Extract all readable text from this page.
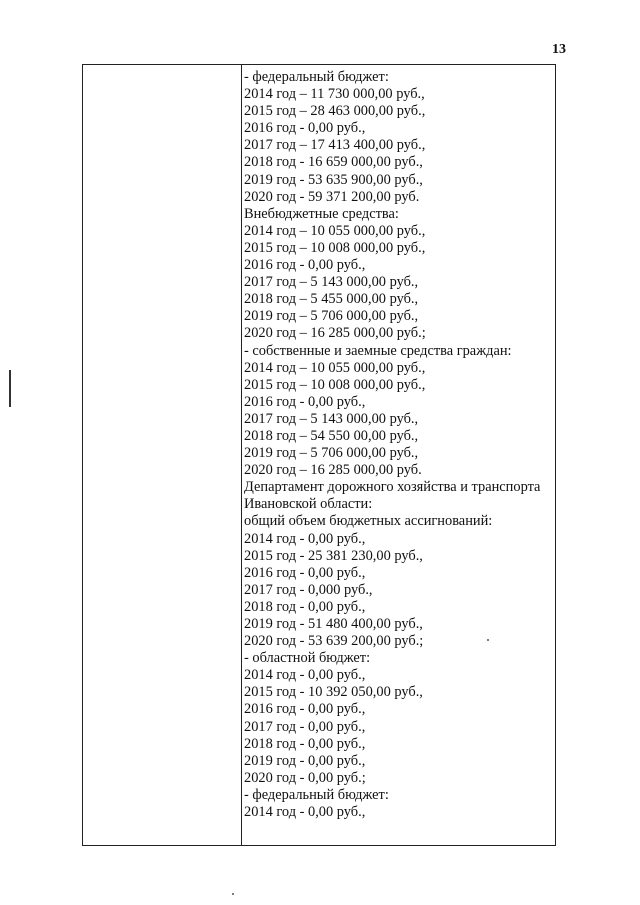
13
- федеральный бюджет:
2014 год – 11 730 000,00 руб.,
2015 год – 28 463 000,00 руб.,
2016 год - 0,00 руб.,
2017 год – 17 413 400,00 руб.,
2018 год - 16 659 000,00 руб.,
2019 год - 53 635 900,00 руб.,
2020 год - 59 371 200,00 руб.
Внебюджетные средства:
2014 год – 10 055 000,00 руб.,
2015 год – 10 008 000,00 руб.,
2016 год - 0,00 руб.,
2017 год – 5 143 000,00 руб.,
2018 год – 5 455 000,00 руб.,
2019 год – 5 706 000,00 руб.,
2020 год – 16 285 000,00 руб.;
- собственные и заемные средства граждан:
2014 год – 10 055 000,00 руб.,
2015 год – 10 008 000,00 руб.,
2016 год - 0,00 руб.,
2017 год – 5 143 000,00 руб.,
2018 год – 54 550 00,00 руб.,
2019 год – 5 706 000,00 руб.,
2020 год – 16 285 000,00 руб.
Департамент дорожного хозяйства и транспорта
Ивановской области:
общий объем бюджетных ассигнований:
2014 год - 0,00 руб.,
2015 год - 25 381 230,00 руб.,
2016 год - 0,00 руб.,
2017 год - 0,000 руб.,
2018 год - 0,00 руб.,
2019 год - 51 480 400,00 руб.,
2020 год - 53 639 200,00 руб.;
- областной бюджет:
2014 год - 0,00 руб.,
2015 год - 10 392 050,00 руб.,
2016 год - 0,00 руб.,
2017 год - 0,00 руб.,
2018 год - 0,00 руб.,
2019 год - 0,00 руб.,
2020 год - 0,00 руб.;
- федеральный бюджет:
2014 год - 0,00 руб.,
